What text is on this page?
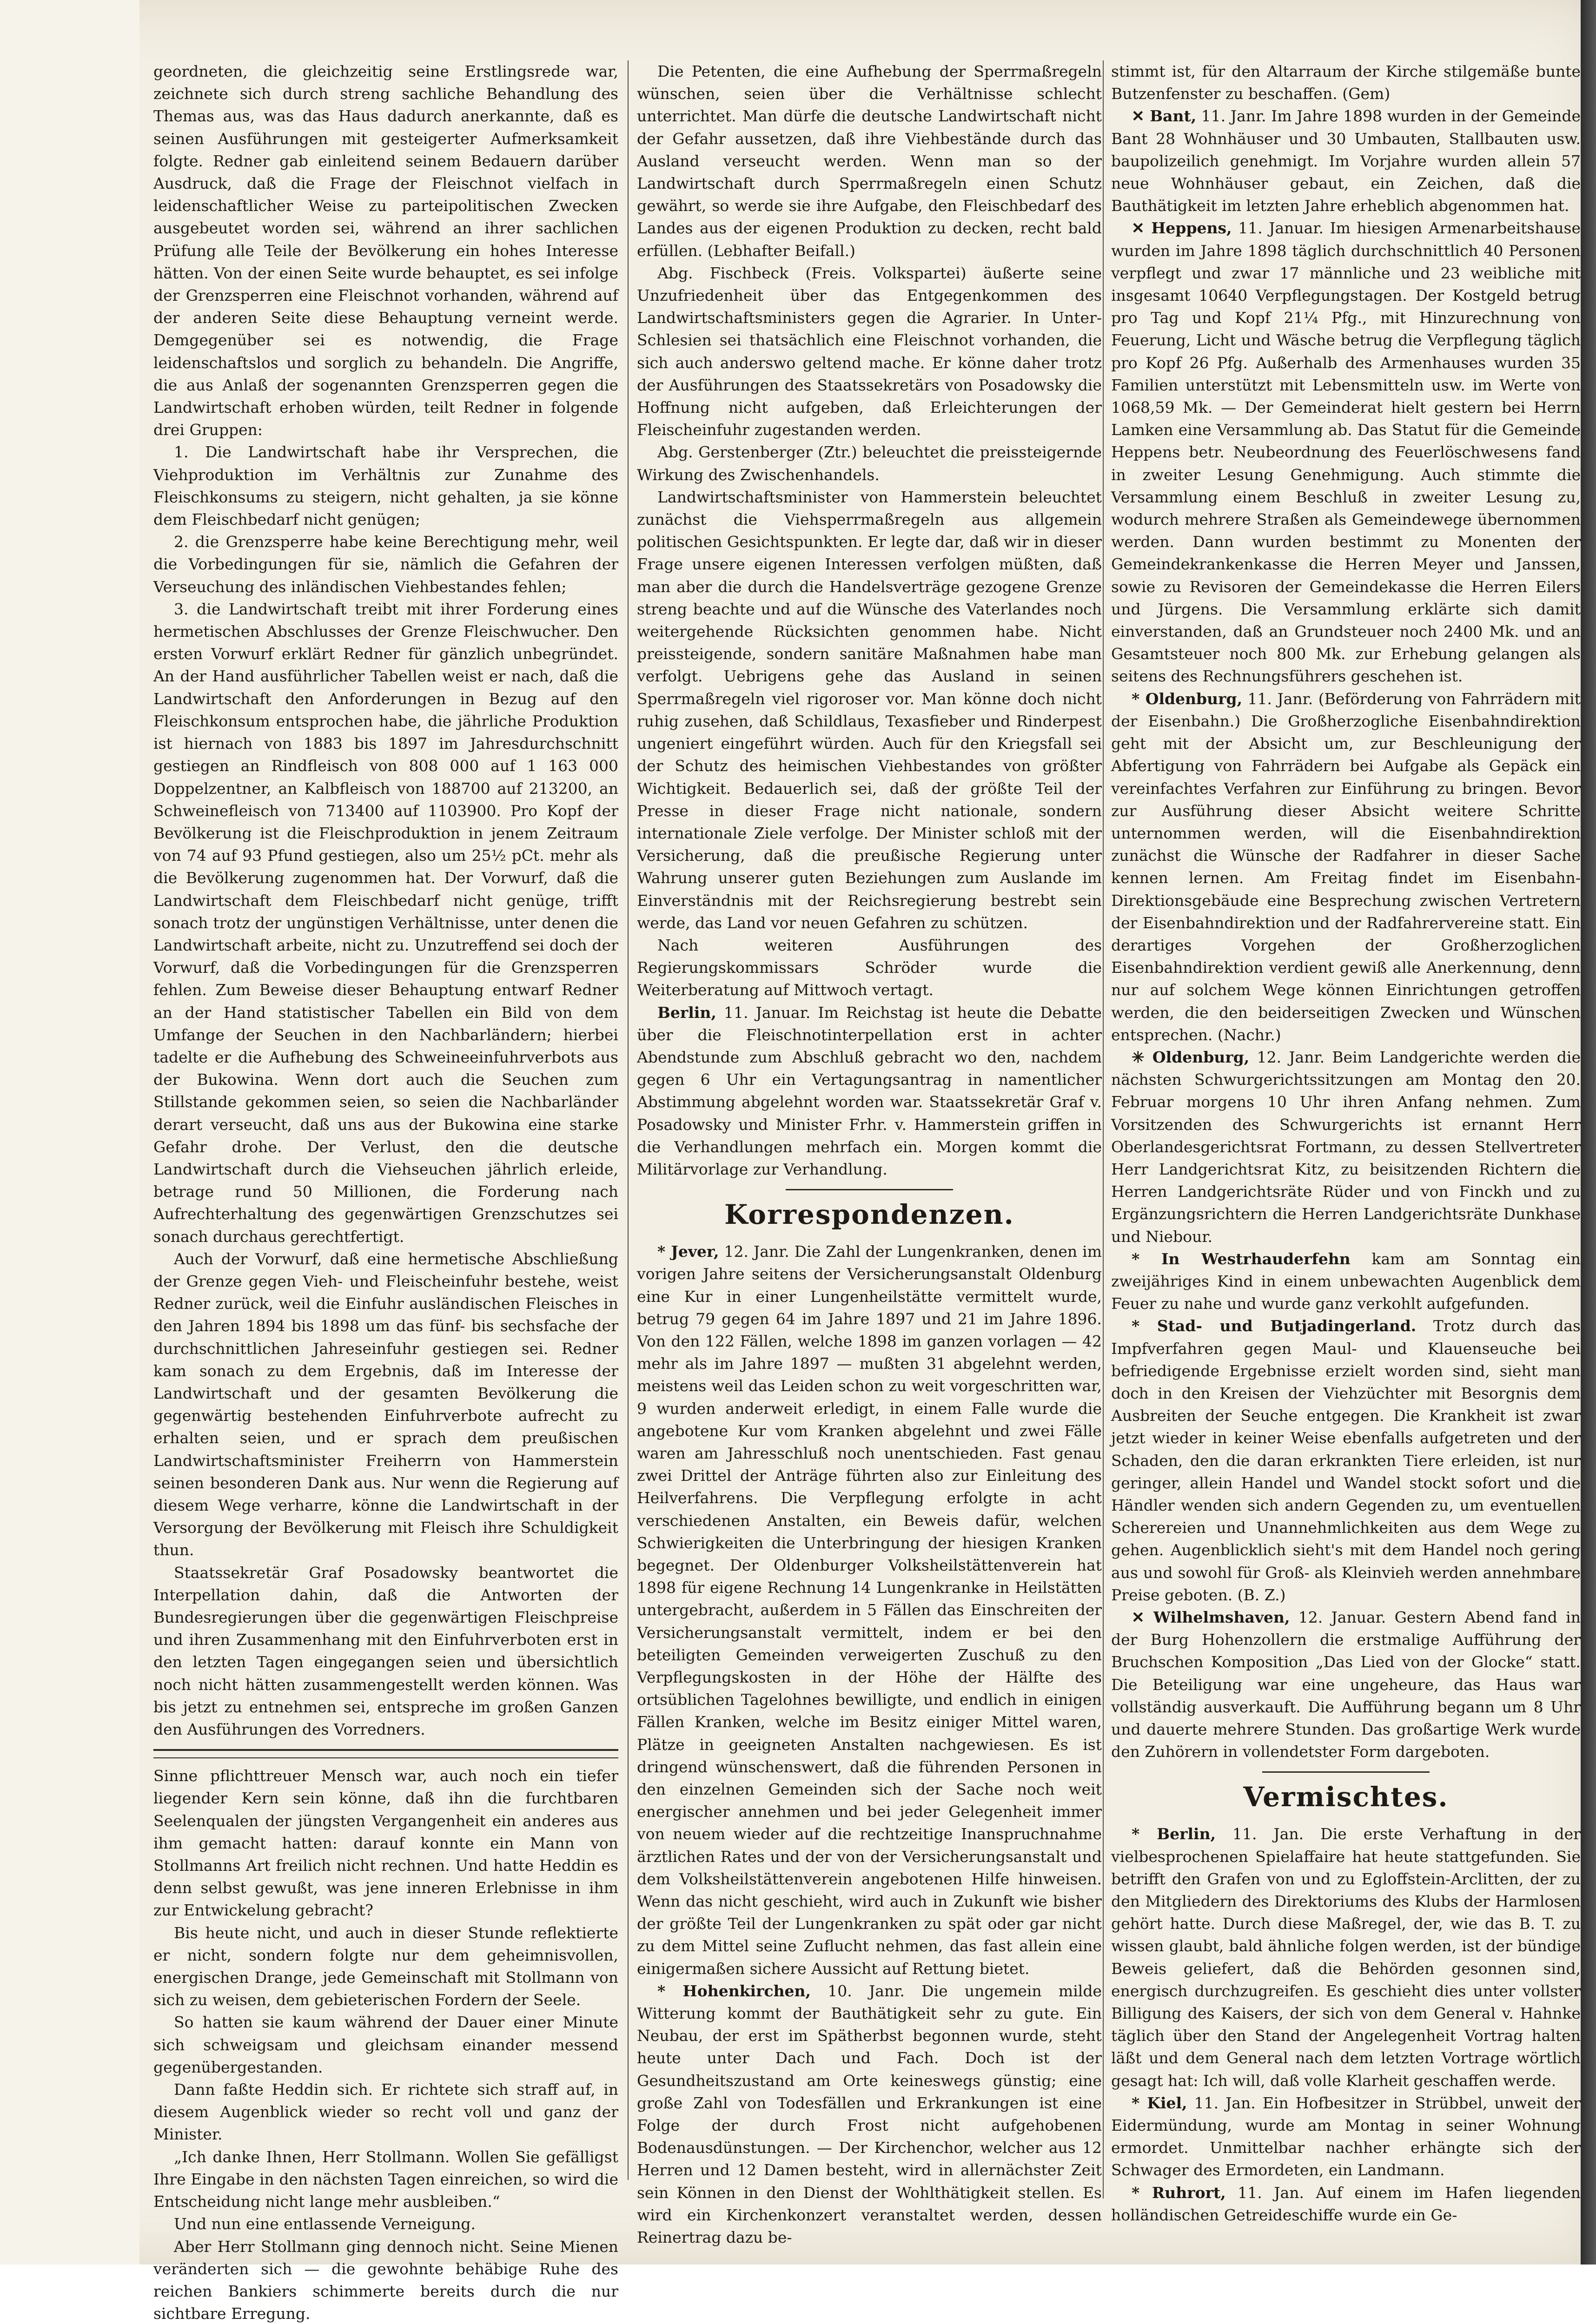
geordneten, die gleichzeitig seine Erstlingsrede war, zeichnete sich durch streng sachliche Behandlung des Themas aus, was das Haus dadurch anerkannte, daß es seinen Ausführungen mit gesteigerter Aufmerksamkeit folgte. Redner gab einleitend seinem Bedauern darüber Ausdruck, daß die Frage der Fleischnot vielfach in leidenschaftlicher Weise zu parteipolitischen Zwecken ausgebeutet worden sei, während an ihrer sachlichen Prüfung alle Teile der Bevölkerung ein hohes Interesse hätten. Von der einen Seite wurde behauptet, es sei infolge der Grenzsperren eine Fleischnot vorhanden, während auf der anderen Seite diese Behauptung verneint werde. Demgegenüber sei es notwendig, die Frage leidenschaftslos und sorglich zu behandeln. Die Angriffe, die aus Anlaß der sogenannten Grenzsperren gegen die Landwirtschaft erhoben würden, teilt Redner in folgende drei Gruppen:

1. Die Landwirtschaft habe ihr Versprechen, die Viehproduktion im Verhältnis zur Zunahme des Fleischkonsums zu steigern, nicht gehalten, ja sie könne dem Fleischbedarf nicht genügen;

2. die Grenzsperre habe keine Berechtigung mehr, weil die Vorbedingungen für sie, nämlich die Gefahren der Verseuchung des inländischen Viehbestandes fehlen;

3. die Landwirtschaft treibt mit ihrer Forderung eines hermetischen Abschlusses der Grenze Fleischwucher. Den ersten Vorwurf erklärt Redner für gänzlich unbegründet. An der Hand ausführlicher Tabellen weist er nach, daß die Landwirtschaft den Anforderungen in Bezug auf den Fleischkonsum entsprochen habe, die jährliche Produktion ist hiernach von 1883 bis 1897 im Jahresdurchschnitt gestiegen an Rindfleisch von 808 000 auf 1 163 000 Doppelzentner, an Kalbfleisch von 188700 auf 213200, an Schweinefleisch von 713400 auf 1103900. Pro Kopf der Bevölkerung ist die Fleischproduktion in jenem Zeitraum von 74 auf 93 Pfund gestiegen, also um 25½ pCt. mehr als die Bevölkerung zugenommen hat. Der Vorwurf, daß die Landwirtschaft dem Fleischbedarf nicht genüge, trifft sonach trotz der ungünstigen Verhältnisse, unter denen die Landwirtschaft arbeite, nicht zu. Unzutreffend sei doch der Vorwurf, daß die Vorbedingungen für die Grenzsperren fehlen. Zum Beweise dieser Behauptung entwarf Redner an der Hand statistischer Tabellen ein Bild von dem Umfange der Seuchen in den Nachbarländern; hierbei tadelte er die Aufhebung des Schweineeinfuhrverbots aus der Bukowina. Wenn dort auch die Seuchen zum Stillstande gekommen seien, so seien die Nachbarländer derart verseucht, daß uns aus der Bukowina eine starke Gefahr drohe. Der Verlust, den die deutsche Landwirtschaft durch die Viehseuchen jährlich erleide, betrage rund 50 Millionen, die Forderung nach Aufrechterhaltung des gegenwärtigen Grenzschutzes sei sonach durchaus gerechtfertigt.

Auch der Vorwurf, daß eine hermetische Abschließung der Grenze gegen Vieh- und Fleischeinfuhr bestehe, weist Redner zurück, weil die Einfuhr ausländischen Fleisches in den Jahren 1894 bis 1898 um das fünf- bis sechsfache der durchschnittlichen Jahreseinfuhr gestiegen sei. Redner kam sonach zu dem Ergebnis, daß im Interesse der Landwirtschaft und der gesamten Bevölkerung die gegenwärtig bestehenden Einfuhrverbote aufrecht zu erhalten seien, und er sprach dem preußischen Landwirtschaftsminister Freiherrn von Hammerstein seinen besonderen Dank aus. Nur wenn die Regierung auf diesem Wege verharre, könne die Landwirtschaft in der Versorgung der Bevölkerung mit Fleisch ihre Schuldigkeit thun.

Staatssekretär Graf Posadowsky beantwortet die Interpellation dahin, daß die Antworten der Bundesregierungen über die gegenwärtigen Fleischpreise und ihren Zusammenhang mit den Einfuhrverboten erst in den letzten Tagen eingegangen seien und übersichtlich noch nicht hätten zusammengestellt werden können. Was bis jetzt zu entnehmen sei, entspreche im großen Ganzen den Ausführungen des Vorredners.

Sinne pflichttreuer Mensch war, auch noch ein tiefer liegender Kern sein könne, daß ihn die furchtbaren Seelenqualen der jüngsten Vergangenheit ein anderes aus ihm gemacht hatten: darauf konnte ein Mann von Stollmanns Art freilich nicht rechnen. Und hatte Heddin es denn selbst gewußt, was jene inneren Erlebnisse in ihm zur Entwickelung gebracht?

Bis heute nicht, und auch in dieser Stunde reflektierte er nicht, sondern folgte nur dem geheimnisvollen, energischen Drange, jede Gemeinschaft mit Stollmann von sich zu weisen, dem gebieterischen Fordern der Seele.

So hatten sie kaum während der Dauer einer Minute sich schweigsam und gleichsam einander messend gegenübergestanden.

Dann faßte Heddin sich. Er richtete sich straff auf, in diesem Augenblick wieder so recht voll und ganz der Minister.

„Ich danke Ihnen, Herr Stollmann. Wollen Sie gefälligst Ihre Eingabe in den nächsten Tagen einreichen, so wird die Entscheidung nicht lange mehr ausbleiben.“

Und nun eine entlassende Verneigung.

Aber Herr Stollmann ging dennoch nicht. Seine Mienen veränderten sich — die gewohnte behäbige Ruhe des reichen Bankiers schimmerte bereits durch die nur sichtbare Erregung.

Die Petenten, die eine Aufhebung der Sperrmaßregeln wünschen, seien über die Verhältnisse schlecht unterrichtet. Man dürfe die deutsche Landwirtschaft nicht der Gefahr aussetzen, daß ihre Viehbestände durch das Ausland verseucht werden. Wenn man so der Landwirtschaft durch Sperrmaßregeln einen Schutz gewährt, so werde sie ihre Aufgabe, den Fleischbedarf des Landes aus der eigenen Produktion zu decken, recht bald erfüllen. (Lebhafter Beifall.)

Abg. Fischbeck (Freis. Volkspartei) äußerte seine Unzufriedenheit über das Entgegenkommen des Landwirtschaftsministers gegen die Agrarier. In Unter-Schlesien sei thatsächlich eine Fleischnot vorhanden, die sich auch anderswo geltend mache. Er könne daher trotz der Ausführungen des Staatssekretärs von Posadowsky die Hoffnung nicht aufgeben, daß Erleichterungen der Fleischeinfuhr zugestanden werden.

Abg. Gerstenberger (Ztr.) beleuchtet die preissteigernde Wirkung des Zwischenhandels.

Landwirtschaftsminister von Hammerstein beleuchtet zunächst die Viehsperrmaßregeln aus allgemein politischen Gesichtspunkten. Er legte dar, daß wir in dieser Frage unsere eigenen Interessen verfolgen müßten, daß man aber die durch die Handelsverträge gezogene Grenze streng beachte und auf die Wünsche des Vaterlandes noch weitergehende Rücksichten genommen habe. Nicht preissteigende, sondern sanitäre Maßnahmen habe man verfolgt. Uebrigens gehe das Ausland in seinen Sperrmaßregeln viel rigoroser vor. Man könne doch nicht ruhig zusehen, daß Schildlaus, Texasfieber und Rinderpest ungeniert eingeführt würden. Auch für den Kriegsfall sei der Schutz des heimischen Viehbestandes von größter Wichtigkeit. Bedauerlich sei, daß der größte Teil der Presse in dieser Frage nicht nationale, sondern internationale Ziele verfolge. Der Minister schloß mit der Versicherung, daß die preußische Regierung unter Wahrung unserer guten Beziehungen zum Auslande im Einverständnis mit der Reichsregierung bestrebt sein werde, das Land vor neuen Gefahren zu schützen.

Nach weiteren Ausführungen des Regierungskommissars Schröder wurde die Weiterberatung auf Mittwoch vertagt.

Berlin, 11. Januar. Im Reichstag ist heute die Debatte über die Fleischnotinterpellation erst in achter Abendstunde zum Abschluß gebracht wo den, nachdem gegen 6 Uhr ein Vertagungsantrag in namentlicher Abstimmung abgelehnt worden war. Staatssekretär Graf v. Posadowsky und Minister Frhr. v. Hammerstein griffen in die Verhandlungen mehrfach ein. Morgen kommt die Militärvorlage zur Verhandlung.

Korrespondenzen.

* Jever, 12. Janr. Die Zahl der Lungenkranken, denen im vorigen Jahre seitens der Versicherungsanstalt Oldenburg eine Kur in einer Lungenheilstätte vermittelt wurde, betrug 79 gegen 64 im Jahre 1897 und 21 im Jahre 1896. Von den 122 Fällen, welche 1898 im ganzen vorlagen — 42 mehr als im Jahre 1897 — mußten 31 abgelehnt werden, meistens weil das Leiden schon zu weit vorgeschritten war, 9 wurden anderweit erledigt, in einem Falle wurde die angebotene Kur vom Kranken abgelehnt und zwei Fälle waren am Jahresschluß noch unentschieden. Fast genau zwei Drittel der Anträge führten also zur Einleitung des Heilverfahrens. Die Verpflegung erfolgte in acht verschiedenen Anstalten, ein Beweis dafür, welchen Schwierigkeiten die Unterbringung der hiesigen Kranken begegnet. Der Oldenburger Volksheilstättenverein hat 1898 für eigene Rechnung 14 Lungenkranke in Heilstätten untergebracht, außerdem in 5 Fällen das Einschreiten der Versicherungsanstalt vermittelt, indem er bei den beteiligten Gemeinden verweigerten Zuschuß zu den Verpflegungskosten in der Höhe der Hälfte des ortsüblichen Tagelohnes bewilligte, und endlich in einigen Fällen Kranken, welche im Besitz einiger Mittel waren, Plätze in geeigneten Anstalten nachgewiesen. Es ist dringend wünschenswert, daß die führenden Personen in den einzelnen Gemeinden sich der Sache noch weit energischer annehmen und bei jeder Gelegenheit immer von neuem wieder auf die rechtzeitige Inanspruchnahme ärztlichen Rates und der von der Versicherungsanstalt und dem Volksheilstättenverein angebotenen Hilfe hinweisen. Wenn das nicht geschieht, wird auch in Zukunft wie bisher der größte Teil der Lungenkranken zu spät oder gar nicht zu dem Mittel seine Zuflucht nehmen, das fast allein eine einigermaßen sichere Aussicht auf Rettung bietet.

* Hohenkirchen, 10. Janr. Die ungemein milde Witterung kommt der Bauthätigkeit sehr zu gute. Ein Neubau, der erst im Spätherbst begonnen wurde, steht heute unter Dach und Fach. Doch ist der Gesundheitszustand am Orte keineswegs günstig; eine große Zahl von Todesfällen und Erkrankungen ist eine Folge der durch Frost nicht aufgehobenen Bodenausdünstungen. — Der Kirchenchor, welcher aus 12 Herren und 12 Damen besteht, wird in allernächster Zeit sein Können in den Dienst der Wohlthätigkeit stellen. Es wird ein Kirchenkonzert veranstaltet werden, dessen Reinertrag dazu be-

stimmt ist, für den Altarraum der Kirche stilgemäße bunte Butzenfenster zu beschaffen. (Gem)

✕ Bant, 11. Janr. Im Jahre 1898 wurden in der Gemeinde Bant 28 Wohnhäuser und 30 Umbauten, Stallbauten usw. baupolizeilich genehmigt. Im Vorjahre wurden allein 57 neue Wohnhäuser gebaut, ein Zeichen, daß die Bauthätigkeit im letzten Jahre erheblich abgenommen hat.

✕ Heppens, 11. Januar. Im hiesigen Armenarbeitshause wurden im Jahre 1898 täglich durchschnittlich 40 Personen verpflegt und zwar 17 männliche und 23 weibliche mit insgesamt 10640 Verpflegungstagen. Der Kostgeld betrug pro Tag und Kopf 21¼ Pfg., mit Hinzurechnung von Feuerung, Licht und Wäsche betrug die Verpflegung täglich pro Kopf 26 Pfg. Außerhalb des Armenhauses wurden 35 Familien unterstützt mit Lebensmitteln usw. im Werte von 1068,59 Mk. — Der Gemeinderat hielt gestern bei Herrn Lamken eine Versammlung ab. Das Statut für die Gemeinde Heppens betr. Neubeordnung des Feuerlöschwesens fand in zweiter Lesung Genehmigung. Auch stimmte die Versammlung einem Beschluß in zweiter Lesung zu, wodurch mehrere Straßen als Gemeindewege übernommen werden. Dann wurden bestimmt zu Monenten der Gemeindekrankenkasse die Herren Meyer und Janssen, sowie zu Revisoren der Gemeindekasse die Herren Eilers und Jürgens. Die Versammlung erklärte sich damit einverstanden, daß an Grundsteuer noch 2400 Mk. und an Gesamtsteuer noch 800 Mk. zur Erhebung gelangen als seitens des Rechnungsführers geschehen ist.

* Oldenburg, 11. Janr. (Beförderung von Fahrrädern mit der Eisenbahn.) Die Großherzogliche Eisenbahndirektion geht mit der Absicht um, zur Beschleunigung der Abfertigung von Fahrrädern bei Aufgabe als Gepäck ein vereinfachtes Verfahren zur Einführung zu bringen. Bevor zur Ausführung dieser Absicht weitere Schritte unternommen werden, will die Eisenbahndirektion zunächst die Wünsche der Radfahrer in dieser Sache kennen lernen. Am Freitag findet im Eisenbahn-Direktionsgebäude eine Besprechung zwischen Vertretern der Eisenbahndirektion und der Radfahrervereine statt. Ein derartiges Vorgehen der Großherzoglichen Eisenbahndirektion verdient gewiß alle Anerkennung, denn nur auf solchem Wege können Einrichtungen getroffen werden, die den beiderseitigen Zwecken und Wünschen entsprechen. (Nachr.)

✳ Oldenburg, 12. Janr. Beim Landgerichte werden die nächsten Schwurgerichtssitzungen am Montag den 20. Februar morgens 10 Uhr ihren Anfang nehmen. Zum Vorsitzenden des Schwurgerichts ist ernannt Herr Oberlandesgerichtsrat Fortmann, zu dessen Stellvertreter Herr Landgerichtsrat Kitz, zu beisitzenden Richtern die Herren Landgerichtsräte Rüder und von Finckh und zu Ergänzungsrichtern die Herren Landgerichtsräte Dunkhase und Niebour.

* In Westrhauderfehn kam am Sonntag ein zweijähriges Kind in einem unbewachten Augenblick dem Feuer zu nahe und wurde ganz verkohlt aufgefunden.

* Stad- und Butjadingerland. Trotz durch das Impfverfahren gegen Maul- und Klauenseuche bei befriedigende Ergebnisse erzielt worden sind, sieht man doch in den Kreisen der Viehzüchter mit Besorgnis dem Ausbreiten der Seuche entgegen. Die Krankheit ist zwar jetzt wieder in keiner Weise ebenfalls aufgetreten und der Schaden, den die daran erkrankten Tiere erleiden, ist nur geringer, allein Handel und Wandel stockt sofort und die Händler wenden sich andern Gegenden zu, um eventuellen Scherereien und Unannehmlichkeiten aus dem Wege zu gehen. Augenblicklich sieht's mit dem Handel noch gering aus und sowohl für Groß- als Kleinvieh werden annehmbare Preise geboten. (B. Z.)

✕ Wilhelmshaven, 12. Januar. Gestern Abend fand in der Burg Hohenzollern die erstmalige Aufführung der Bruchschen Komposition „Das Lied von der Glocke“ statt. Die Beteiligung war eine ungeheure, das Haus war vollständig ausverkauft. Die Aufführung begann um 8 Uhr und dauerte mehrere Stunden. Das großartige Werk wurde den Zuhörern in vollendetster Form dargeboten.

Vermischtes.

* Berlin, 11. Jan. Die erste Verhaftung in der vielbesprochenen Spielaffaire hat heute stattgefunden. Sie betrifft den Grafen von und zu Egloffstein-Arclitten, der zu den Mitgliedern des Direktoriums des Klubs der Harmlosen gehört hatte. Durch diese Maßregel, der, wie das B. T. zu wissen glaubt, bald ähnliche folgen werden, ist der bündige Beweis geliefert, daß die Behörden gesonnen sind, energisch durchzugreifen. Es geschieht dies unter vollster Billigung des Kaisers, der sich von dem General v. Hahnke täglich über den Stand der Angelegenheit Vortrag halten läßt und dem General nach dem letzten Vortrage wörtlich gesagt hat: Ich will, daß volle Klarheit geschaffen werde.

* Kiel, 11. Jan. Ein Hofbesitzer in Strübbel, unweit der Eidermündung, wurde am Montag in seiner Wohnung ermordet. Unmittelbar nachher erhängte sich der Schwager des Ermordeten, ein Landmann.

* Ruhrort, 11. Jan. Auf einem im Hafen liegenden holländischen Getreideschiffe wurde ein Ge-
